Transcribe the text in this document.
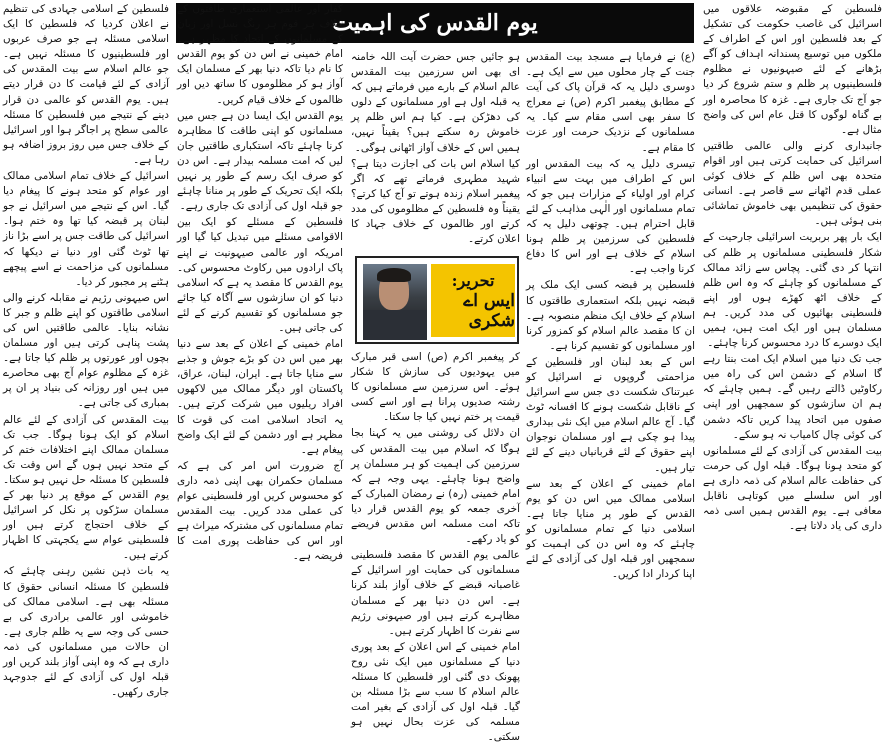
فلسطین کے مقبوضہ علاقوں میں اسرائیل کی غاصب حکومت کی تشکیل کے بعد فلسطین اور اس کے اطراف کے ملکوں میں توسیع پسندانہ اہداف کو آگے بڑھانے کے لئے صیہونیوں نے مظلوم فلسطینیوں پر ظلم و ستم شروع کر دیا جو آج تک جاری ہے۔ غزہ کا محاصرہ اور بے گناہ لوگوں کا قتل عام اس کی واضح مثال ہے۔

جانبداری کرنے والی عالمی طاقتیں اسرائیل کی حمایت کرتی ہیں اور اقوام متحدہ بھی اس ظلم کے خلاف کوئی عملی قدم اٹھانے سے قاصر ہے۔ انسانی حقوق کی تنظیمیں بھی خاموش تماشائی بنی ہوئی ہیں۔

ایک بار پھر بربریت اسرائیلی جارحیت کے شکار فلسطینی مسلمانوں پر ظلم کی انتہا کر دی گئی۔ پچاس سے زائد ممالک کے مسلمانوں کو چاہئے کہ وہ اس ظلم کے خلاف اٹھ کھڑے ہوں اور اپنے فلسطینی بھائیوں کی مدد کریں۔ ہم مسلمان ہیں اور ایک امت ہیں، ہمیں ایک دوسرے کا درد محسوس کرنا چاہئے۔

جب تک دنیا میں اسلام ایک امت بنتا رہے گا اسلام کے دشمن اس کی راہ میں رکاوٹیں ڈالتے رہیں گے۔ ہمیں چاہئے کہ ہم ان سازشوں کو سمجھیں اور اپنی صفوں میں اتحاد پیدا کریں تاکہ دشمن کی کوئی چال کامیاب نہ ہو سکے۔

بیت المقدس کی آزادی کے لئے مسلمانوں کو متحد ہونا ہوگا۔ قبلہ اول کی حرمت کی حفاظت عالم اسلام کی ذمہ داری ہے اور اس سلسلے میں کوتاہی ناقابل معافی ہے۔ یوم القدس ہمیں اسی ذمہ داری کی یاد دلاتا ہے۔

یوم القدس کی اہمیت

(ع) نے فرمایا ہے مسجد بیت المقدس جنت کے چار محلوں میں سے ایک ہے۔ دوسری دلیل یہ کہ قرآن پاک کی آیت کے مطابق پیغمبر اکرم (ص) نے معراج کا سفر بھی اسی مقام سے کیا۔ یہ مسلمانوں کے نزدیک حرمت اور عزت کا مقام ہے۔

تیسری دلیل یہ کہ بیت المقدس اور اس کے اطراف میں بہت سے انبیاء کرام اور اولیاء کے مزارات ہیں جو کہ تمام مسلمانوں اور الٰہی مذاہب کے لئے قابل احترام ہیں۔ چوتھی دلیل یہ کہ فلسطین کی سرزمین پر ظلم ہونا اسلام کے خلاف ہے اور اس کا دفاع کرنا واجب ہے۔

فلسطین پر قبضہ کسی ایک ملک پر قبضہ نہیں بلکہ استعماری طاقتوں کا اسلام کے خلاف ایک منظم منصوبہ ہے۔ ان کا مقصد عالم اسلام کو کمزور کرنا اور مسلمانوں کو تقسیم کرنا ہے۔

اس کے بعد لبنان اور فلسطین کے مزاحمتی گروپوں نے اسرائیل کو عبرتناک شکست دی جس سے اسرائیل کے ناقابل شکست ہونے کا افسانہ ٹوٹ گیا۔ آج عالم اسلام میں ایک نئی بیداری پیدا ہو چکی ہے اور مسلمان نوجوان اپنے حقوق کے لئے قربانیاں دینے کے لئے تیار ہیں۔

امام خمینی کے اعلان کے بعد سے اسلامی ممالک میں اس دن کو یوم القدس کے طور پر منایا جاتا ہے۔ اسلامی دنیا کے تمام مسلمانوں کو چاہئے کہ وہ اس دن کی اہمیت کو سمجھیں اور قبلہ اول کی آزادی کے لئے اپنا کردار ادا کریں۔

ہو جائیں جس حضرت آیت اللہ خامنہ ای بھی اس سرزمین بیت المقدس عالم اسلام کے بارے میں فرماتے ہیں کہ یہ قبلہ اول ہے اور مسلمانوں کے دلوں کی دھڑکن ہے۔ کیا ہم اس ظلم پر خاموش رہ سکتے ہیں؟ یقیناً نہیں، ہمیں اس کے خلاف آواز اٹھانی ہوگی۔

کیا اسلام اس بات کی اجازت دیتا ہے؟ شہید مطہری فرماتے تھے کہ اگر پیغمبر اسلام زندہ ہوتے تو آج کیا کرتے؟ یقیناً وہ فلسطین کے مظلوموں کی مدد کرتے اور ظالموں کے خلاف جہاد کا اعلان کرتے۔

تحریر:
ایس اے شکری

کر پیغمبر اکرم (ص) اسی قبر مبارک میں یہودیوں کی سازش کا شکار ہوئے۔ اس سرزمین سے مسلمانوں کا رشتہ صدیوں پرانا ہے اور اسے کسی قیمت پر ختم نہیں کیا جا سکتا۔

ان دلائل کی روشنی میں یہ کہنا بجا ہوگا کہ اسلام میں بیت المقدس کی سرزمین کی اہمیت کو ہر مسلمان پر واضح ہونا چاہئے۔ یہی وجہ ہے کہ امام خمینی (رہ) نے رمضان المبارک کے آخری جمعہ کو یوم القدس قرار دیا تاکہ امت مسلمہ اس مقدس فریضے کو یاد رکھے۔

عالمی یوم القدس کا مقصد فلسطینی مسلمانوں کی حمایت اور اسرائیل کے غاصبانہ قبضے کے خلاف آواز بلند کرنا ہے۔ اس دن دنیا بھر کے مسلمان مظاہرے کرتے ہیں اور صیہونی رژیم سے نفرت کا اظہار کرتے ہیں۔

امام خمینی کے اس اعلان کے بعد پوری دنیا کے مسلمانوں میں ایک نئی روح پھونک دی گئی اور فلسطین کا مسئلہ عالم اسلام کا سب سے بڑا مسئلہ بن گیا۔ قبلہ اول کی آزادی کے بغیر امت مسلمہ کی عزت بحال نہیں ہو سکتی۔

کفار اور عالمی استعماری طاقتوں کے خلاف ہر قوم ہر رنگ نسل اور زبان کے مسلمانوں کے اتحاد کا مظہر ہے۔ امام خمینی نے اس دن کو یوم القدس کا نام دیا تاکہ دنیا بھر کے مسلمان ایک آواز ہو کر مظلوموں کا ساتھ دیں اور ظالموں کے خلاف قیام کریں۔

یوم القدس ایک ایسا دن ہے جس میں مسلمانوں کو اپنی طاقت کا مظاہرہ کرنا چاہئے تاکہ استکباری طاقتیں جان لیں کہ امت مسلمہ بیدار ہے۔ اس دن کو صرف ایک رسم کے طور پر نہیں بلکہ ایک تحریک کے طور پر منانا چاہئے جو قبلہ اول کی آزادی تک جاری رہے۔

فلسطین کے مسئلے کو ایک بین الاقوامی مسئلے میں تبدیل کیا گیا اور امریکہ اور عالمی صیہونیت نے اپنے پاک ارادوں میں رکاوٹ محسوس کی۔ یوم القدس کا مقصد یہ ہے کہ اسلامی دنیا کو ان سازشوں سے آگاہ کیا جائے جو مسلمانوں کو تقسیم کرنے کے لئے کی جاتی ہیں۔

امام خمینی کے اعلان کے بعد سے دنیا بھر میں اس دن کو بڑے جوش و جذبے سے منایا جاتا ہے۔ ایران، لبنان، عراق، پاکستان اور دیگر ممالک میں لاکھوں افراد ریلیوں میں شرکت کرتے ہیں۔ یہ اتحاد اسلامی امت کی قوت کا مظہر ہے اور دشمن کے لئے ایک واضح پیغام ہے۔

آج ضرورت اس امر کی ہے کہ مسلمان حکمران بھی اپنی ذمہ داری کو محسوس کریں اور فلسطینی عوام کی عملی مدد کریں۔ بیت المقدس تمام مسلمانوں کی مشترکہ میراث ہے اور اس کی حفاظت پوری امت کا فریضہ ہے۔

فلسطین کے اسلامی جہادی کی تنظیم نے اعلان کردیا کہ فلسطین کا ایک اسلامی مسئلہ ہے جو صرف عربوں اور فلسطینیوں کا مسئلہ نہیں ہے۔ جو عالم اسلام سے بیت المقدس کی آزادی کے لئے قیامت کا دن قرار دیتے ہیں۔ یوم القدس کو عالمی دن قرار دینے کے نتیجے میں فلسطین کا مسئلہ عالمی سطح پر اجاگر ہوا اور اسرائیل کے خلاف جس میں روز بروز اضافہ ہو رہا ہے۔

اسرائیل کے خلاف تمام اسلامی ممالک اور عوام کو متحد ہونے کا پیغام دیا گیا۔ اس کے نتیجے میں اسرائیل نے جو لبنان پر قبضہ کیا تھا وہ ختم ہوا۔ اسرائیل کی طاقت جس پر اسے بڑا ناز تھا ٹوٹ گئی اور دنیا نے دیکھا کہ مسلمانوں کی مزاحمت نے اسے پیچھے ہٹنے پر مجبور کر دیا۔

اس صیہونی رژیم نے مقابلہ کرنے والی اسلامی طاقتوں کو اپنے ظلم و جبر کا نشانہ بنایا۔ عالمی طاقتیں اس کی پشت پناہی کرتی ہیں اور مسلمان بچوں اور عورتوں پر ظلم کیا جاتا ہے۔ غزہ کے مظلوم عوام آج بھی محاصرے میں ہیں اور روزانہ کی بنیاد پر ان پر بمباری کی جاتی ہے۔

بیت المقدس کی آزادی کے لئے عالم اسلام کو ایک ہونا ہوگا۔ جب تک مسلمان ممالک اپنے اختلافات ختم کر کے متحد نہیں ہوں گے اس وقت تک فلسطین کا مسئلہ حل نہیں ہو سکتا۔ یوم القدس کے موقع پر دنیا بھر کے مسلمان سڑکوں پر نکل کر اسرائیل کے خلاف احتجاج کرتے ہیں اور فلسطینی عوام سے یکجہتی کا اظہار کرتے ہیں۔

یہ بات ذہن نشین رہنی چاہئے کہ فلسطین کا مسئلہ انسانی حقوق کا مسئلہ بھی ہے۔ اسلامی ممالک کی خاموشی اور عالمی برادری کی بے حسی کی وجہ سے یہ ظلم جاری ہے۔ ان حالات میں مسلمانوں کی ذمہ داری ہے کہ وہ اپنی آواز بلند کریں اور قبلہ اول کی آزادی کے لئے جدوجہد جاری رکھیں۔
